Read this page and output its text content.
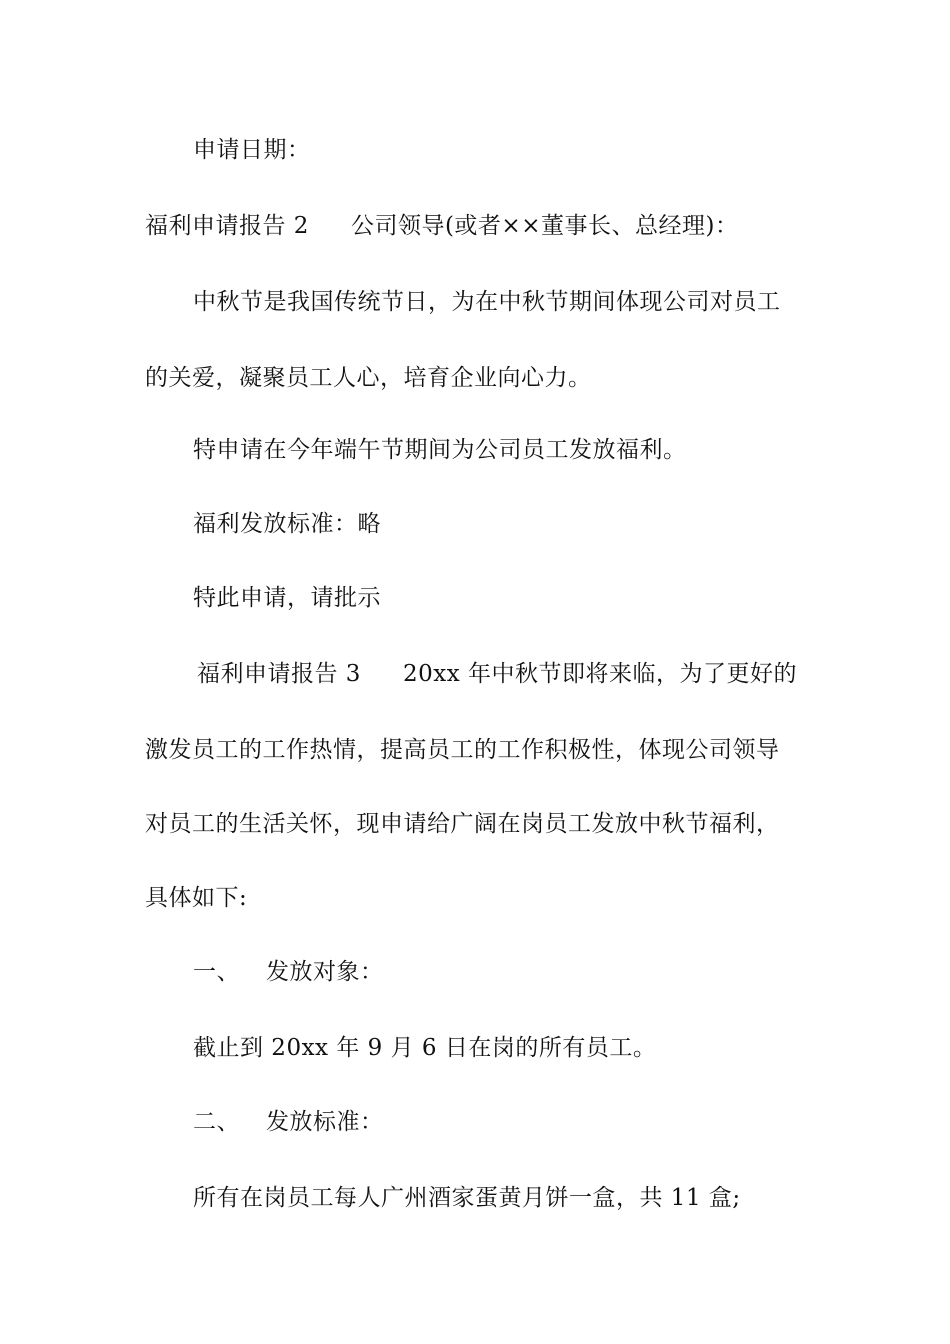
申请日期：
福利申请报告 2 公司领导(或者××董事长、总经理)：
中秋节是我国传统节日，为在中秋节期间体现公司对员工
的关爱，凝聚员工人心，培育企业向心力。
特申请在今年端午节期间为公司员工发放福利。
福利发放标准：略
特此申请，请批示
福利申请报告 3 20xx 年中秋节即将来临，为了更好的
激发员工的工作热情，提高员工的工作积极性，体现公司领导
对员工的生活关怀，现申请给广阔在岗员工发放中秋节福利，
具体如下:
一、 发放对象：
截止到 20xx 年 9 月 6 日在岗的所有员工。
二、 发放标准：
所有在岗员工每人广州酒家蛋黄月饼一盒，共 11 盒;
